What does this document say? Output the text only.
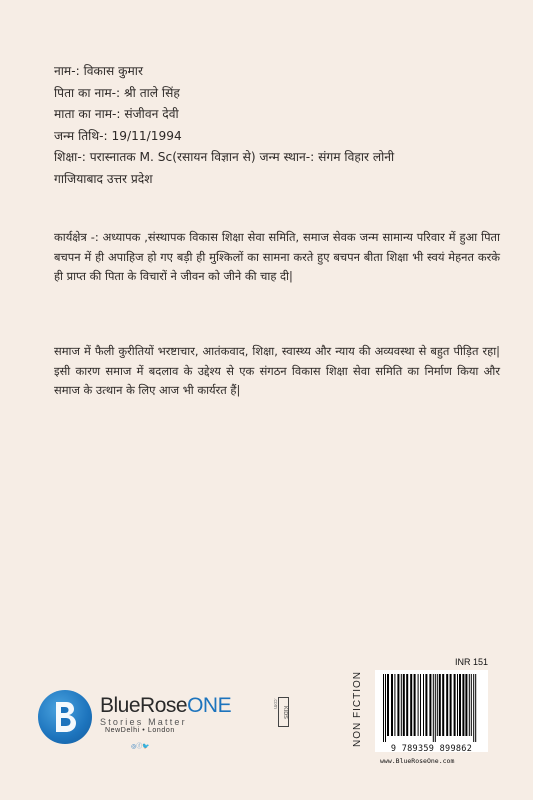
नाम-: विकास कुमार
पिता का नाम-: श्री ताले सिंह
माता का नाम-: संजीवन देवी
जन्म तिथि-: 19/11/1994
शिक्षा-: परास्नातक M. Sc(रसायन विज्ञान से) जन्म स्थान-: संगम विहार लोनी
गाजियाबाद उत्तर प्रदेश
कार्यक्षेत्र -: अध्यापक ,संस्थापक विकास शिक्षा सेवा समिति, समाज सेवक जन्म सामान्य परिवार में हुआ पिता बचपन में ही अपाहिज हो गए बड़ी ही मुश्किलों का सामना करते हुए बचपन बीता शिक्षा भी स्वयं मेहनत करके ही प्राप्त की पिता के विचारों ने जीवन को जीने की चाह दी|
समाज में फैली कुरीतियों भरष्टाचार, आतंकवाद, शिक्षा, स्वास्थ्य और न्याय की अव्यवस्था से बहुत पीड़ित रहा| इसी कारण समाज में बदलाव के उद्देश्य से एक संगठन विकास शिक्षा सेवा समिति का निर्माण किया और समाज के उत्थान के लिए आज भी कार्यरत हैं|
BlueRoseONE
Stories Matter
.com
KIDS
NewDelhi • London
◎ⓕ🐦	NON FICTION
INR 151
9 789359 899862
www.BlueRoseOne.com
